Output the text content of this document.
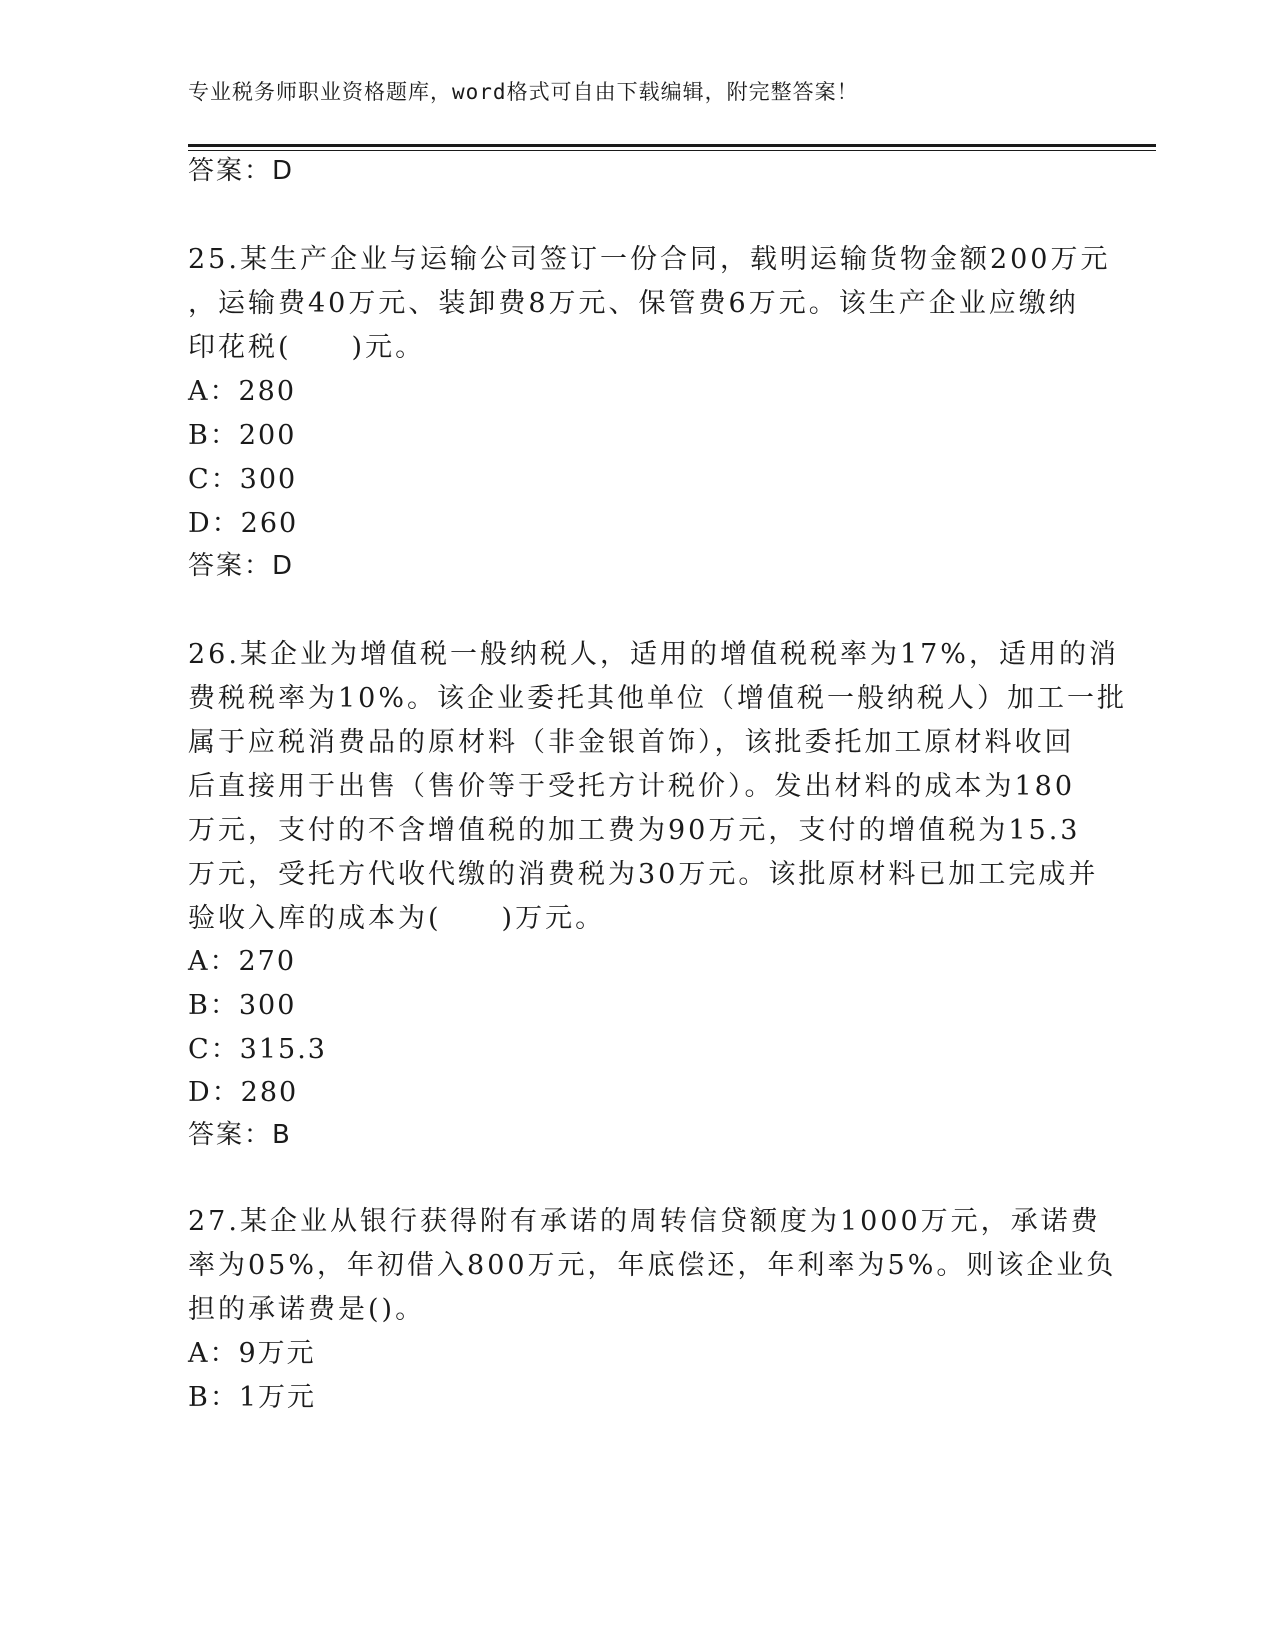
专业税务师职业资格题库，word格式可自由下载编辑，附完整答案！
答案：D
25.某生产企业与运输公司签订一份合同，载明运输货物金额200万元
，运输费40万元、装卸费8万元、保管费6万元。该生产企业应缴纳
印花税(　　)元。
A：280
B：200
C：300
D：260
答案：D
26.某企业为增值税一般纳税人，适用的增值税税率为17%，适用的消
费税税率为10%。该企业委托其他单位（增值税一般纳税人）加工一批
属于应税消费品的原材料（非金银首饰），该批委托加工原材料收回
后直接用于出售（售价等于受托方计税价）。发出材料的成本为180
万元，支付的不含增值税的加工费为90万元，支付的增值税为15.3
万元，受托方代收代缴的消费税为30万元。该批原材料已加工完成并
验收入库的成本为(　　)万元。
A：270
B：300
C：315.3
D：280
答案：B
27.某企业从银行获得附有承诺的周转信贷额度为1000万元，承诺费
率为05%，年初借入800万元，年底偿还，年利率为5%。则该企业负
担的承诺费是()。
A：9万元
B：1万元
